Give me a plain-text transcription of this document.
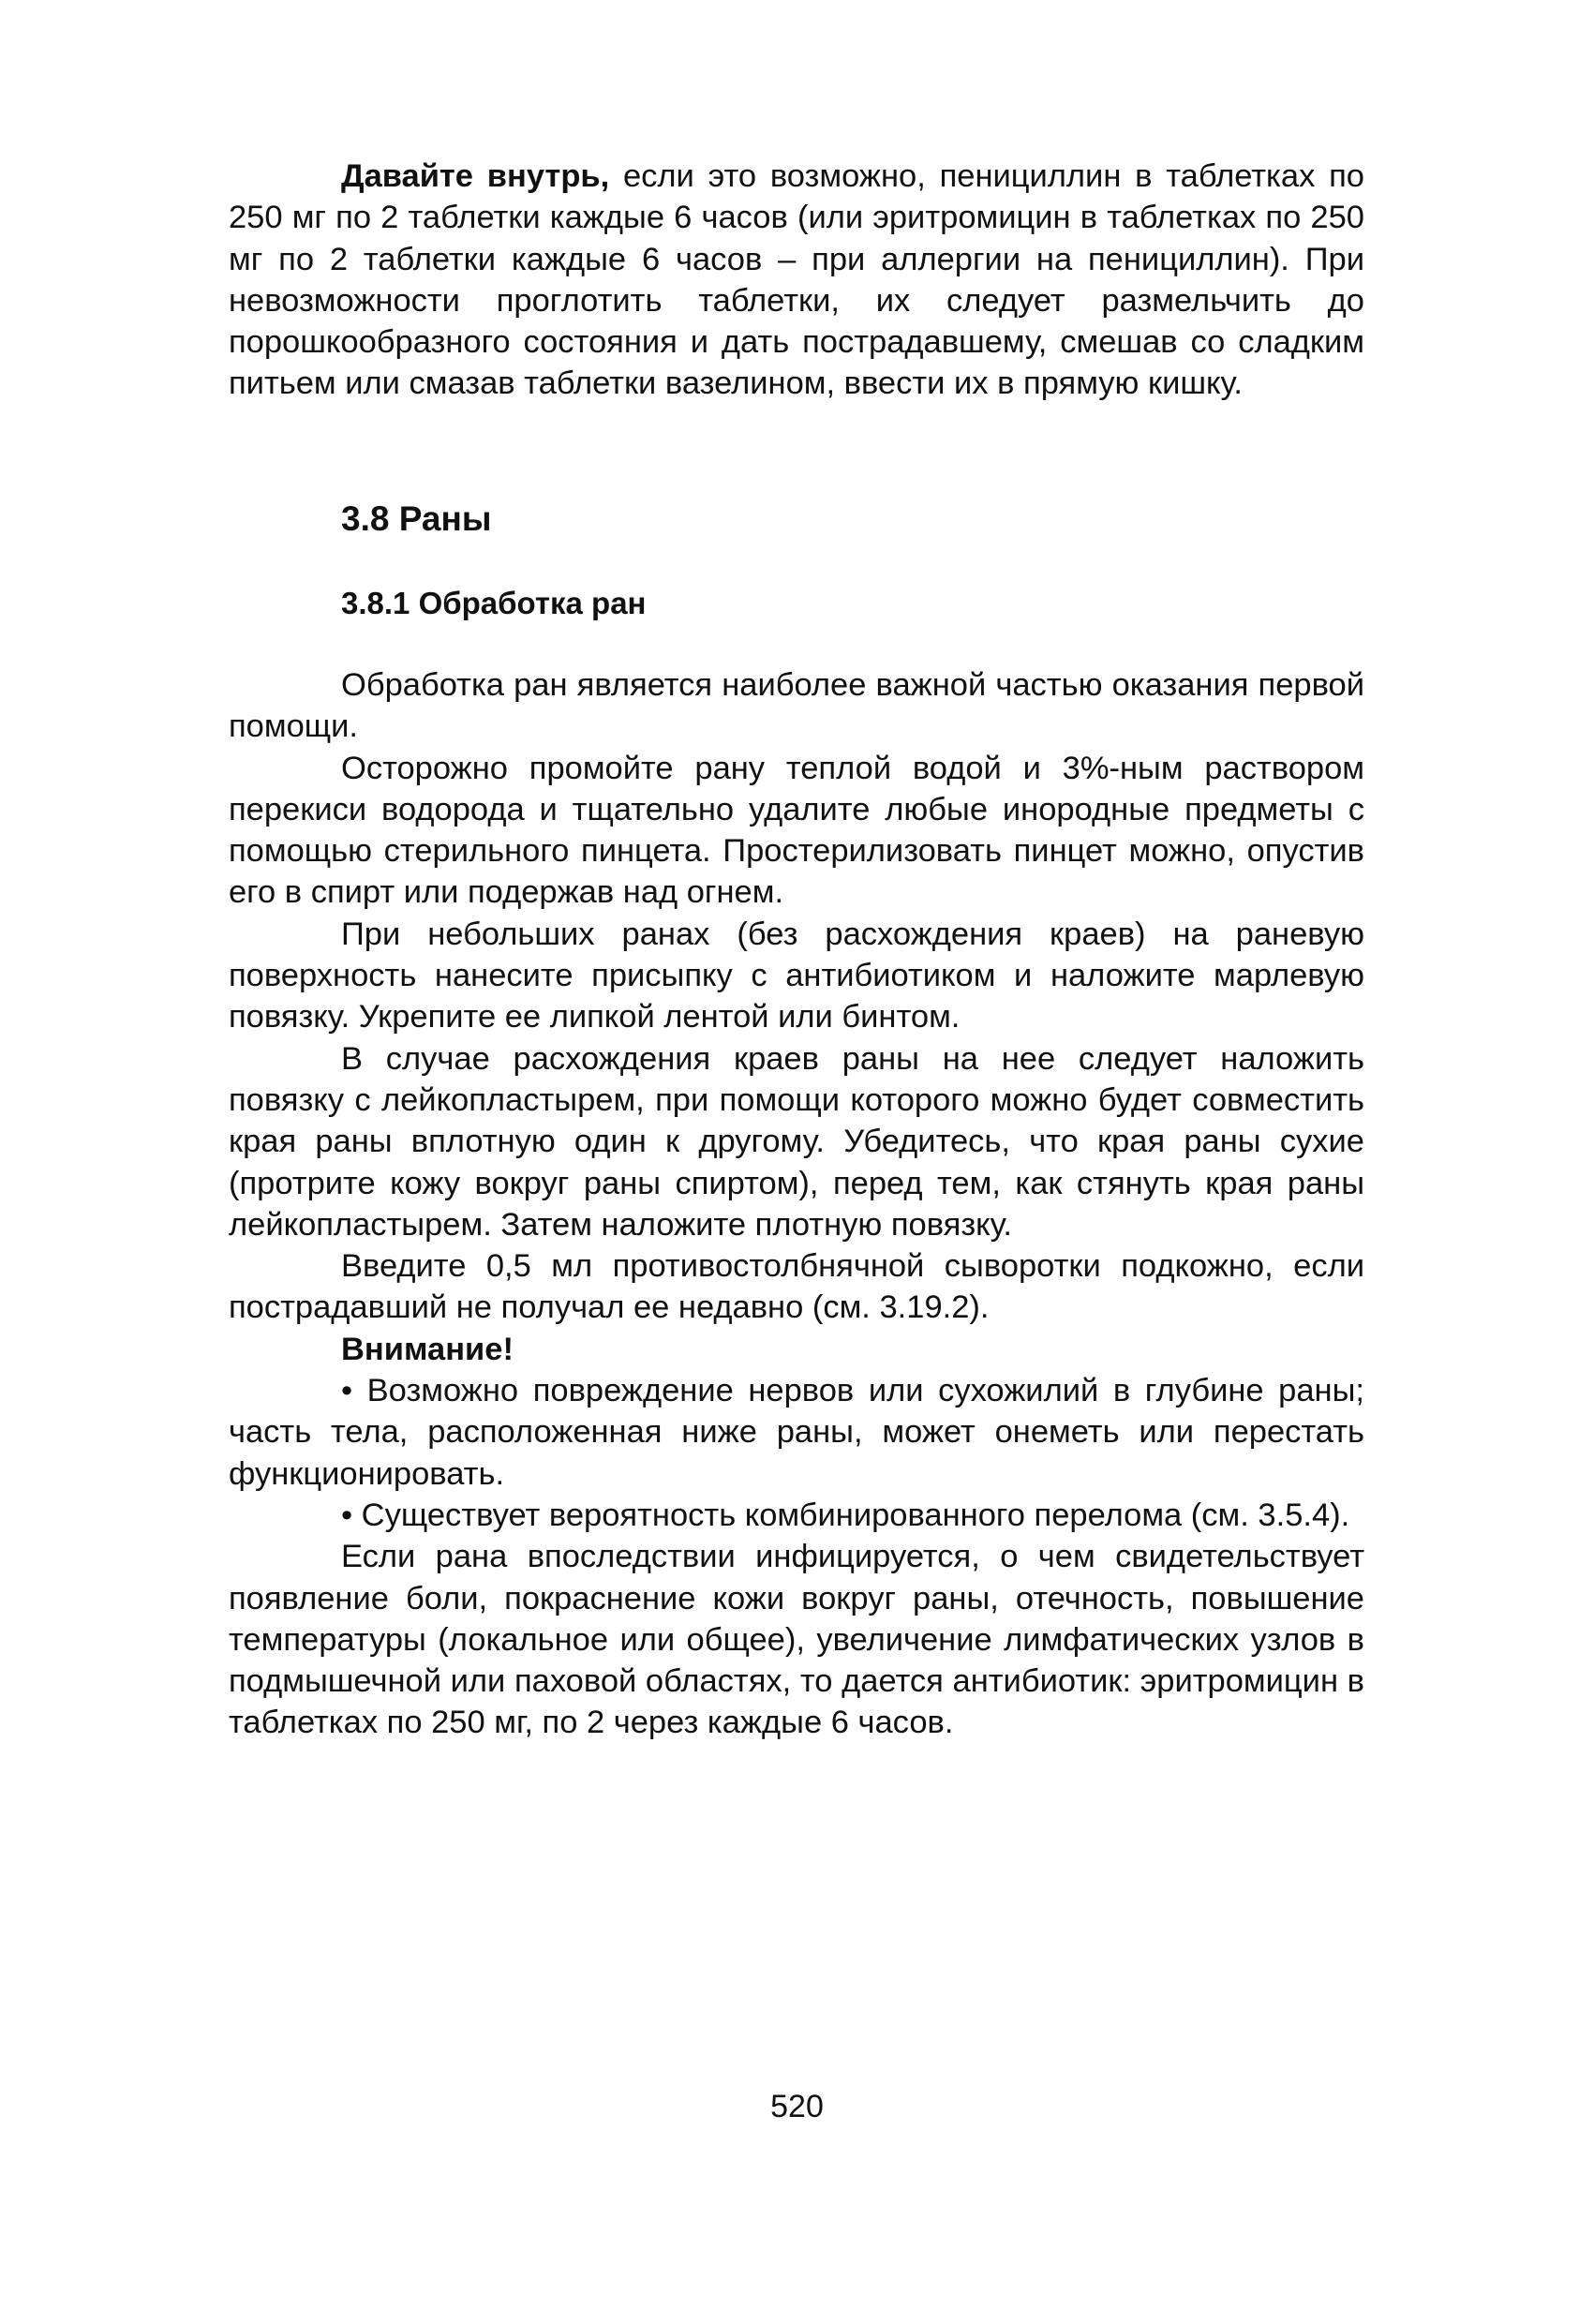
Давайте внутрь, если это возможно, пенициллин в таблетках по 250 мг по 2 таблетки каждые 6 часов (или эритромицин в таблетках по 250 мг по 2 таблетки каждые 6 часов – при аллергии на пенициллин). При невозможности проглотить таблетки, их следует размельчить до порошкообразного состояния и дать пострадавшему, смешав со сладким питьем или смазав таблетки вазелином, ввести их в прямую кишку.

3.8 Раны
3.8.1 Обработка ран

Обработка ран является наиболее важной частью оказания первой помощи.

Осторожно промойте рану теплой водой и 3%-ным раствором перекиси водорода и тщательно удалите любые инородные предметы с помощью стерильного пинцета. Простерилизовать пинцет можно, опустив его в спирт или подержав над огнем.

При небольших ранах (без расхождения краев) на раневую поверхность нанесите присыпку с антибиотиком и наложите марлевую повязку. Укрепите ее липкой лентой или бинтом.

В случае расхождения краев раны на нее следует наложить повязку с лейкопластырем, при помощи которого можно будет совместить края раны вплотную один к другому. Убедитесь, что края раны сухие (протрите кожу вокруг раны спиртом), перед тем, как стянуть края раны лейкопластырем. Затем наложите плотную повязку.

Введите 0,5 мл противостолбнячной сыворотки подкожно, если пострадавший не получал ее недавно (см. 3.19.2).

Внимание!

• Возможно повреждение нервов или сухожилий в глубине раны; часть тела, расположенная ниже раны, может онеметь или перестать функционировать.

• Существует вероятность комбинированного перелома (см. 3.5.4).

Если рана впоследствии инфицируется, о чем свидетельствует появление боли, покраснение кожи вокруг раны, отечность, повышение температуры (локальное или общее), увеличение лимфатических узлов в подмышечной или паховой областях, то дается антибиотик: эритромицин в таблетках по 250 мг, по 2 через каждые 6 часов.

520
